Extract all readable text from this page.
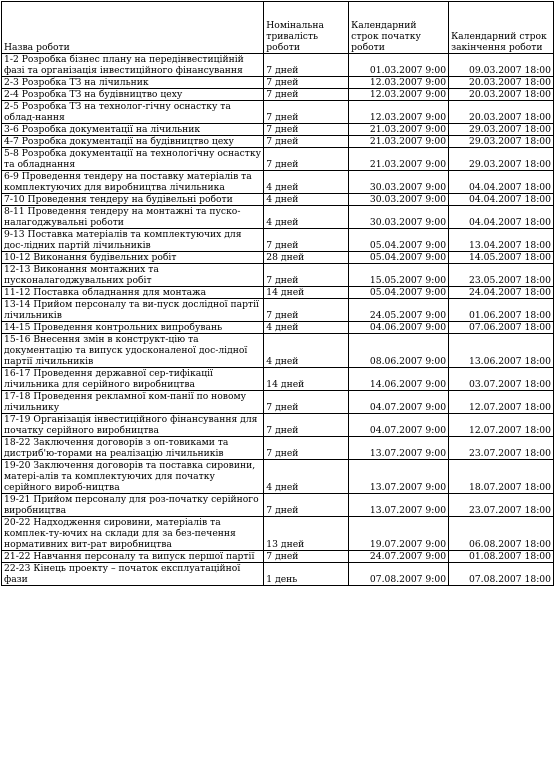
Назва роботи	Номінальна тривалість роботи	Календарний строк початку роботи	Календарний строк закінчення роботи
1-2 Розробка бізнес плану на передінвестиційній фазі та організація інвестиційного фінансування	7 дней	01.03.2007 9:00	09.03.2007 18:00
2-3 Розробка ТЗ на лічильник	7 дней	12.03.2007 9:00	20.03.2007 18:00
2-4 Розробка ТЗ на будівництво цеху	7 дней	12.03.2007 9:00	20.03.2007 18:00
2-5 Розробка ТЗ на технолог-гічну оснастку та облад-нання	7 дней	12.03.2007 9:00	20.03.2007 18:00
3-6 Розробка документації на лічильник	7 дней	21.03.2007 9:00	29.03.2007 18:00
4-7 Розробка документації на будівництво цеху	7 дней	21.03.2007 9:00	29.03.2007 18:00
5-8 Розробка документації на технологічну оснастку та обладнання	7 дней	21.03.2007 9:00	29.03.2007 18:00
6-9 Проведення тендеру на поставку матеріалів та комплектуючих для виробництва лічильника	4 дней	30.03.2007 9:00	04.04.2007 18:00
7-10 Проведення тендеру на будівельні роботи	4 дней	30.03.2007 9:00	04.04.2007 18:00
8-11 Проведення тендеру на монтажні та пуско-налагоджувальні роботи	4 дней	30.03.2007 9:00	04.04.2007 18:00
9-13 Поставка матеріалів та комплектуючих для дос-лідних партій лічильників	7 дней	05.04.2007 9:00	13.04.2007 18:00
10-12 Виконання будівельних робіт	28 дней	05.04.2007 9:00	14.05.2007 18:00
12-13 Виконання монтажних та пусконалагоджувальних робіт	7 дней	15.05.2007 9:00	23.05.2007 18:00
11-12 Поставка обладнання для монтажа	14 дней	05.04.2007 9:00	24.04.2007 18:00
13-14 Прийом персоналу та ви-пуск дослідної партії лічильників	7 дней	24.05.2007 9:00	01.06.2007 18:00
14-15 Проведення контрольних випробувань	4 дней	04.06.2007 9:00	07.06.2007 18:00
15-16 Внесення змін в конструкт-цію та документацію та випуск удосконаленої дос-лідної партії лічильників	4 дней	08.06.2007 9:00	13.06.2007 18:00
16-17 Проведення державної сер-тифікації лічильника для серійного виробництва	14 дней	14.06.2007 9:00	03.07.2007 18:00
17-18 Проведення рекламної ком-панії по новому лічильнику	7 дней	04.07.2007 9:00	12.07.2007 18:00
17-19 Організація інвестиційного фінансування для початку серійного виробництва	7 дней	04.07.2007 9:00	12.07.2007 18:00
18-22 Заключення договорів з оп-товиками та дистриб'ю-торами на реалізацію лічильників	7 дней	13.07.2007 9:00	23.07.2007 18:00
19-20 Заключення договорів та поставка сировини, матері-алів та комплектуючих для початку серійного вироб-ництва	4 дней	13.07.2007 9:00	18.07.2007 18:00
19-21 Прийом персоналу для роз-початку серійного виробництва	7 дней	13.07.2007 9:00	23.07.2007 18:00
20-22 Надходження сировини, матеріалів та комплек-ту-ючих на склади для за без-печення нормативних вит-рат виробництва	13 дней	19.07.2007 9:00	06.08.2007 18:00
21-22 Навчання персоналу та випуск першої партії	7 дней	24.07.2007 9:00	01.08.2007 18:00
22-23 Кінець проекту – початок експлуатаційної фази	1 день	07.08.2007 9:00	07.08.2007 18:00
